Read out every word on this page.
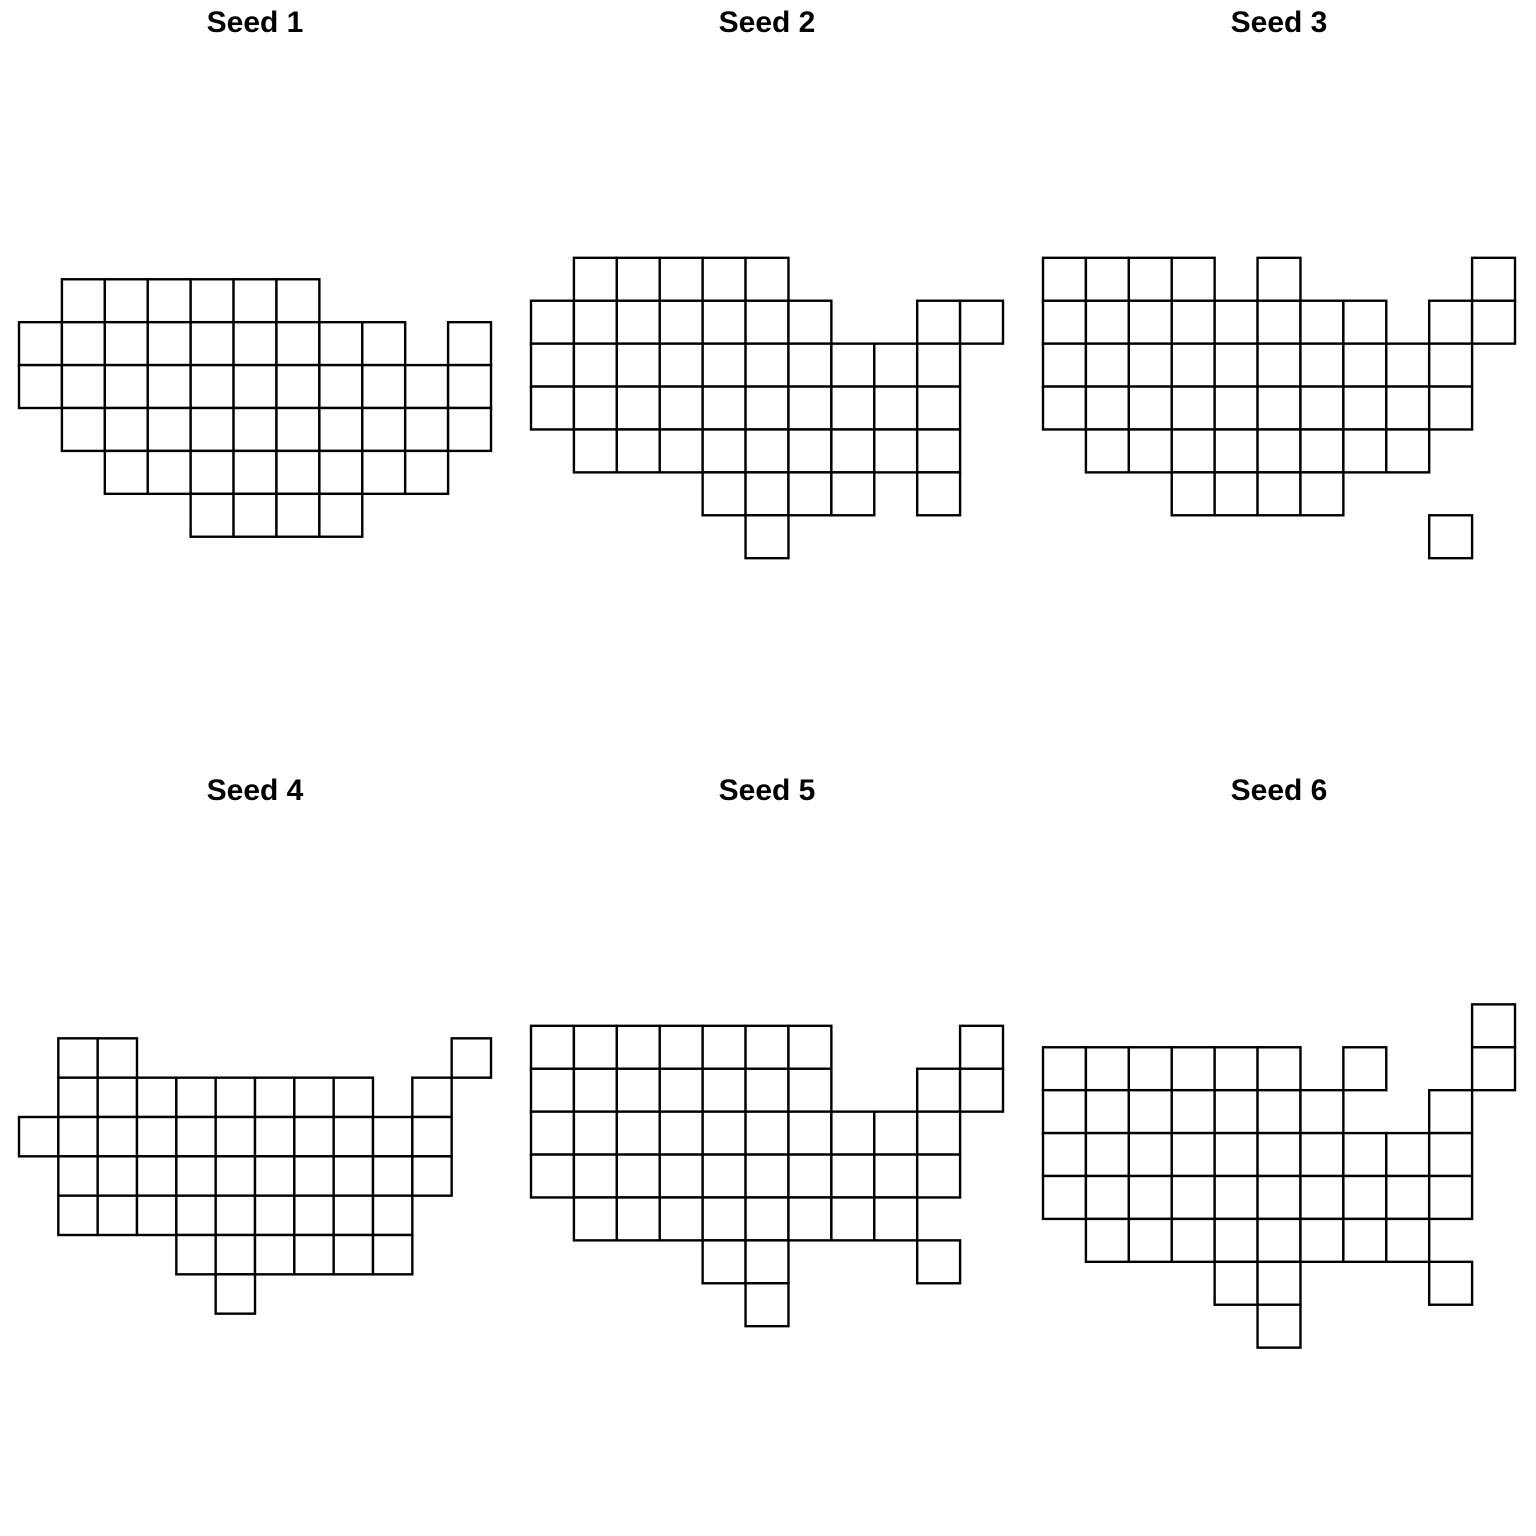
Seed 1	Seed 2	Seed 3
Seed 4	Seed 5	Seed 6
